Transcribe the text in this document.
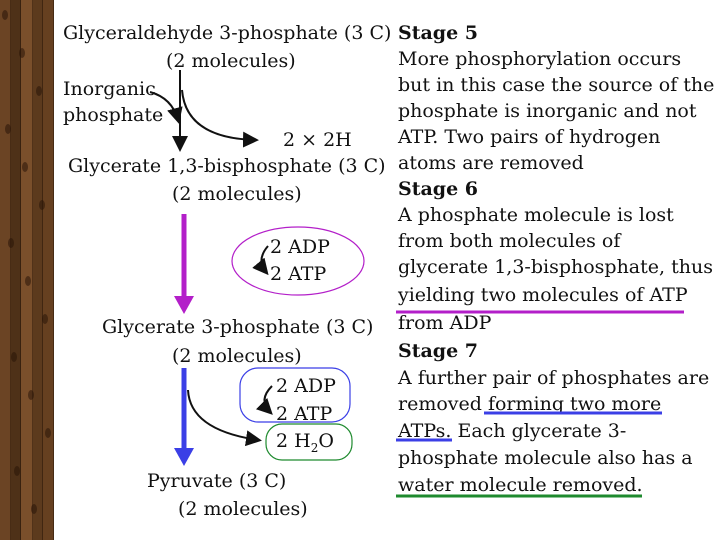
Glyceraldehyde 3-phosphate (3 C)
(2 molecules)
Inorganic
phosphate
2 × 2H
Glycerate 1,3-bisphosphate (3 C)
(2 molecules)
2 ADP
2 ATP
Glycerate 3-phosphate (3 C)
(2 molecules)
2 ADP
2 ATP
2 $H_2O$
Pyruvate (3 C)
(2 molecules)
Stage 5
More phosphorylation occurs
but in this case the source of the
phosphate is inorganic and not
ATP. Two pairs of hydrogen
atoms are removed
Stage 6
A phosphate molecule is lost
from both molecules of
glycerate 1,3-bisphosphate, thus
yielding two molecules of ATP
from ADP
Stage 7
A further pair of phosphates are
removed forming two more
ATPs. Each glycerate 3-
phosphate molecule also has a
water molecule removed.
